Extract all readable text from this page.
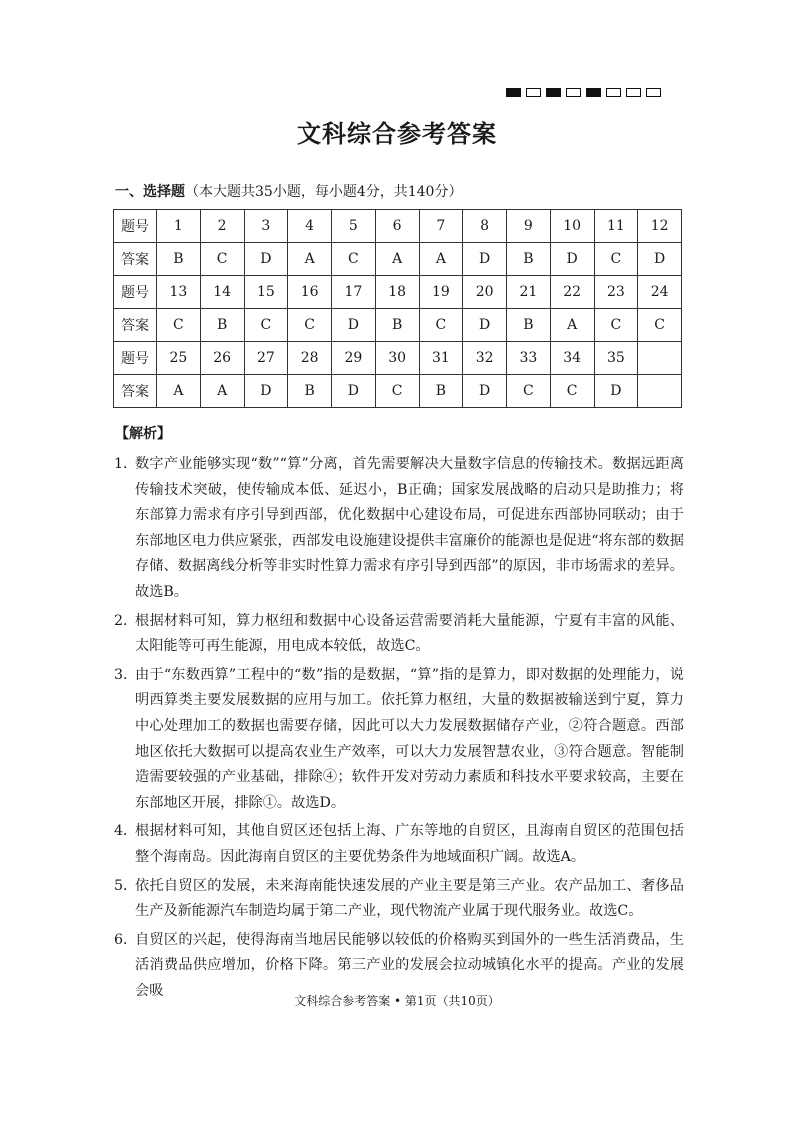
文科综合参考答案
一、选择题（本大题共35小题，每小题4分，共140分）
题号	1	2	3	4	5	6	7	8	9	10	11	12
答案	B	C	D	A	C	A	A	D	B	D	C	D
题号	13	14	15	16	17	18	19	20	21	22	23	24
答案	C	B	C	C	D	B	C	D	B	A	C	C
题号	25	26	27	28	29	30	31	32	33	34	35	
答案	A	A	D	B	D	C	B	D	C	C	D	
【解析】
1．
数字产业能够实现“数”“算”分离，首先需要解决大量数字信息的传输技术。数据远距离传输技术突破，使传输成本低、延迟小，B正确；国家发展战略的启动只是助推力；将东部算力需求有序引导到西部，优化数据中心建设布局，可促进东西部协同联动；由于东部地区电力供应紧张，西部发电设施建设提供丰富廉价的能源也是促进“将东部的数据存储、数据离线分析等非实时性算力需求有序引导到西部”的原因，非市场需求的差异。故选B。
2．
根据材料可知，算力枢纽和数据中心设备运营需要消耗大量能源，宁夏有丰富的风能、太阳能等可再生能源，用电成本较低，故选C。
3．
由于“东数西算”工程中的“数”指的是数据，“算”指的是算力，即对数据的处理能力，说明西算类主要发展数据的应用与加工。依托算力枢纽，大量的数据被输送到宁夏，算力中心处理加工的数据也需要存储，因此可以大力发展数据储存产业，②符合题意。西部地区依托大数据可以提高农业生产效率，可以大力发展智慧农业，③符合题意。智能制造需要较强的产业基础，排除④；软件开发对劳动力素质和科技水平要求较高，主要在东部地区开展，排除①。故选D。
4．
根据材料可知，其他自贸区还包括上海、广东等地的自贸区，且海南自贸区的范围包括整个海南岛。因此海南自贸区的主要优势条件为地域面积广阔。故选A。
5．
依托自贸区的发展，未来海南能快速发展的产业主要是第三产业。农产品加工、奢侈品生产及新能源汽车制造均属于第二产业，现代物流产业属于现代服务业。故选C。
6．
自贸区的兴起，使得海南当地居民能够以较低的价格购买到国外的一些生活消费品，生活消费品供应增加，价格下降。第三产业的发展会拉动城镇化水平的提高。产业的发展会吸
文科综合参考答案 • 第1页（共10页）
